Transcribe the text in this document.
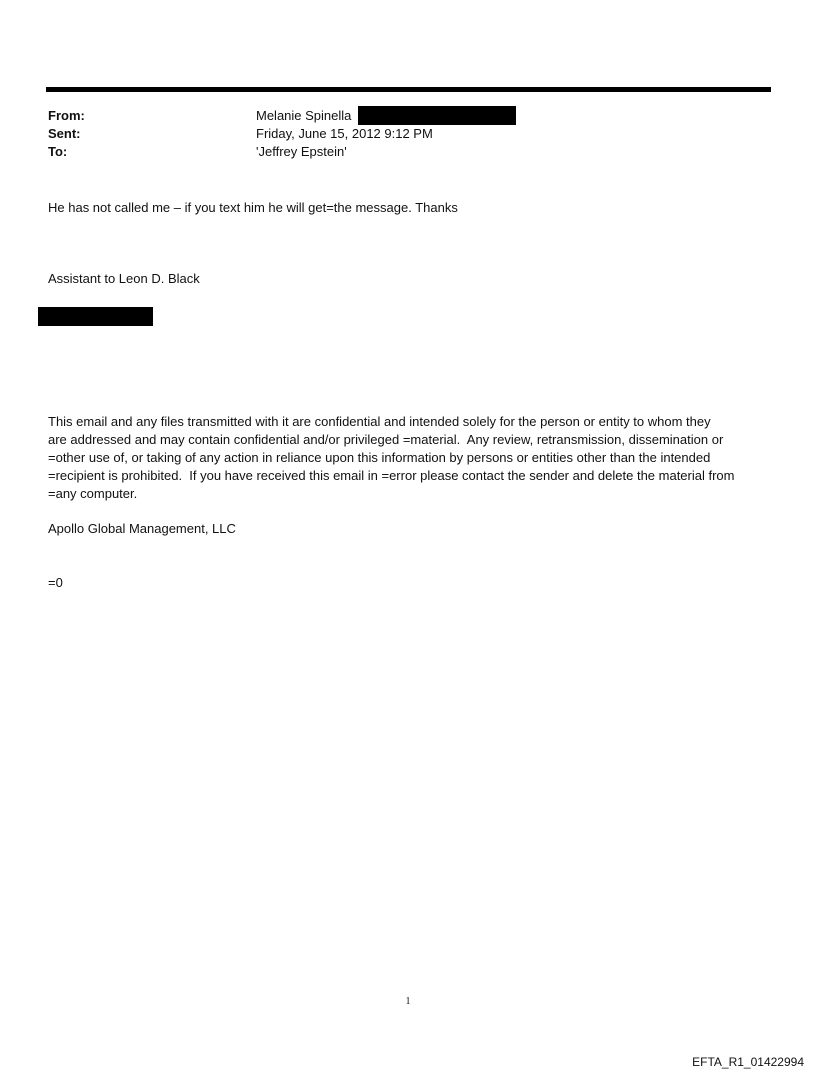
From:	Melanie Spinella
Sent:	Friday, June 15, 2012 9:12 PM
To:	'Jeffrey Epstein'
He has not called me – if you text him he will get=the message. Thanks
Assistant to Leon D. Black
This email and any files transmitted with it are confidential and intended solely for the person or entity to whom they
are addressed and may contain confidential and/or privileged =material.  Any review, retransmission, dissemination or
=other use of, or taking of any action in reliance upon this information by persons or entities other than the intended
=recipient is prohibited.  If you have received this email in =error please contact the sender and delete the material from
=any computer.
Apollo Global Management, LLC
=0
1
EFTA_R1_01422994
